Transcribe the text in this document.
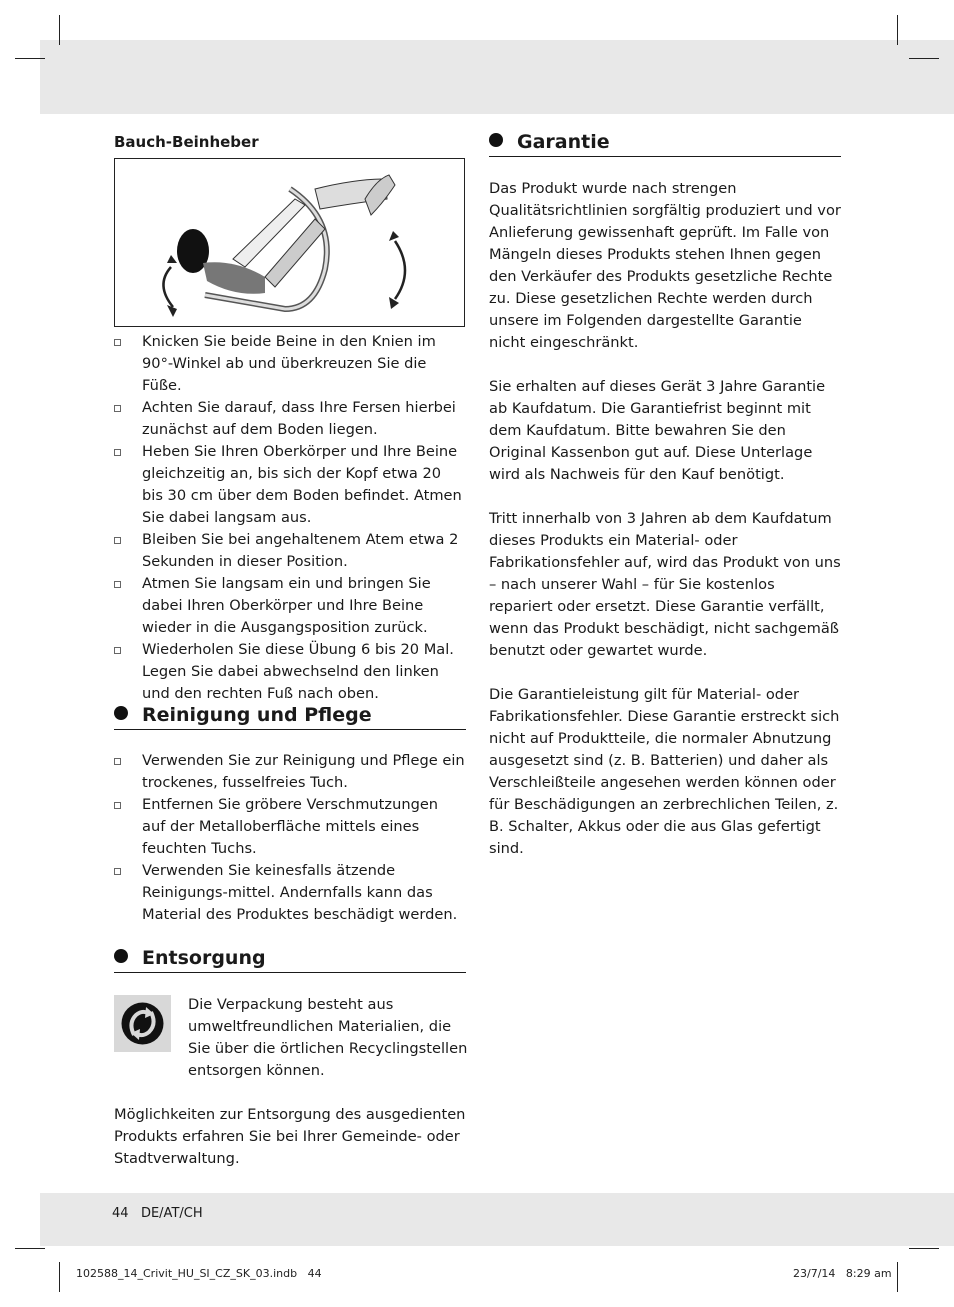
Bauch-Beinheber
Knicken Sie beide Beine in den Knien im 90°-Winkel ab und überkreuzen Sie die Füße.
Achten Sie darauf, dass Ihre Fersen hierbei zunächst auf dem Boden liegen.
Heben Sie Ihren Oberkörper und Ihre Beine gleichzeitig an, bis sich der Kopf etwa 20 bis 30 cm über dem Boden befindet. Atmen Sie dabei langsam aus.
Bleiben Sie bei angehaltenem Atem etwa 2 Sekunden in dieser Position.
Atmen Sie langsam ein und bringen Sie dabei Ihren Oberkörper und Ihre Beine wieder in die Ausgangsposition zurück.
Wiederholen Sie diese Übung 6 bis 20 Mal. Legen Sie dabei abwechselnd den linken und den rechten Fuß nach oben.
Reinigung und Pflege
Verwenden Sie zur Reinigung und Pflege ein trockenes, fusselfreies Tuch.
Entfernen Sie gröbere Verschmutzungen auf der Metalloberfläche mittels eines feuchten Tuchs.
Verwenden Sie keinesfalls ätzende Reinigungs-mittel. Andernfalls kann das Material des Produktes beschädigt werden.
Entsorgung

Die Verpackung besteht aus umweltfreundlichen Materialien, die Sie über die örtlichen Recyclingstellen entsorgen können.

Möglichkeiten zur Entsorgung des ausgedienten Produkts erfahren Sie bei Ihrer Gemeinde- oder Stadtverwaltung.

Garantie

Das Produkt wurde nach strengen Qualitätsrichtlinien sorgfältig produziert und vor Anlieferung gewissenhaft geprüft. Im Falle von Mängeln dieses Produkts stehen Ihnen gegen den Verkäufer des Produkts gesetzliche Rechte zu. Diese gesetzlichen Rechte werden durch unsere im Folgenden dargestellte Garantie nicht eingeschränkt.

Sie erhalten auf dieses Gerät 3 Jahre Garantie ab Kaufdatum. Die Garantiefrist beginnt mit dem Kaufdatum. Bitte bewahren Sie den Original Kassenbon gut auf. Diese Unterlage wird als Nachweis für den Kauf benötigt.

Tritt innerhalb von 3 Jahren ab dem Kaufdatum dieses Produkts ein Material- oder Fabrikationsfehler auf, wird das Produkt von uns – nach unserer Wahl – für Sie kostenlos repariert oder ersetzt. Diese Garantie verfällt, wenn das Produkt beschädigt, nicht sachgemäß benutzt oder gewartet wurde.

Die Garantieleistung gilt für Material- oder Fabrikationsfehler. Diese Garantie erstreckt sich nicht auf Produktteile, die normaler Abnutzung ausgesetzt sind (z. B. Batterien) und daher als Verschleißteile angesehen werden können oder für Beschädigungen an zerbrechlichen Teilen, z. B. Schalter, Akkus oder die aus Glas gefertigt sind.

44 DE/AT/CH
102588_14_Crivit_HU_SI_CZ_SK_03.indb   44	23/7/14   8:29 am
